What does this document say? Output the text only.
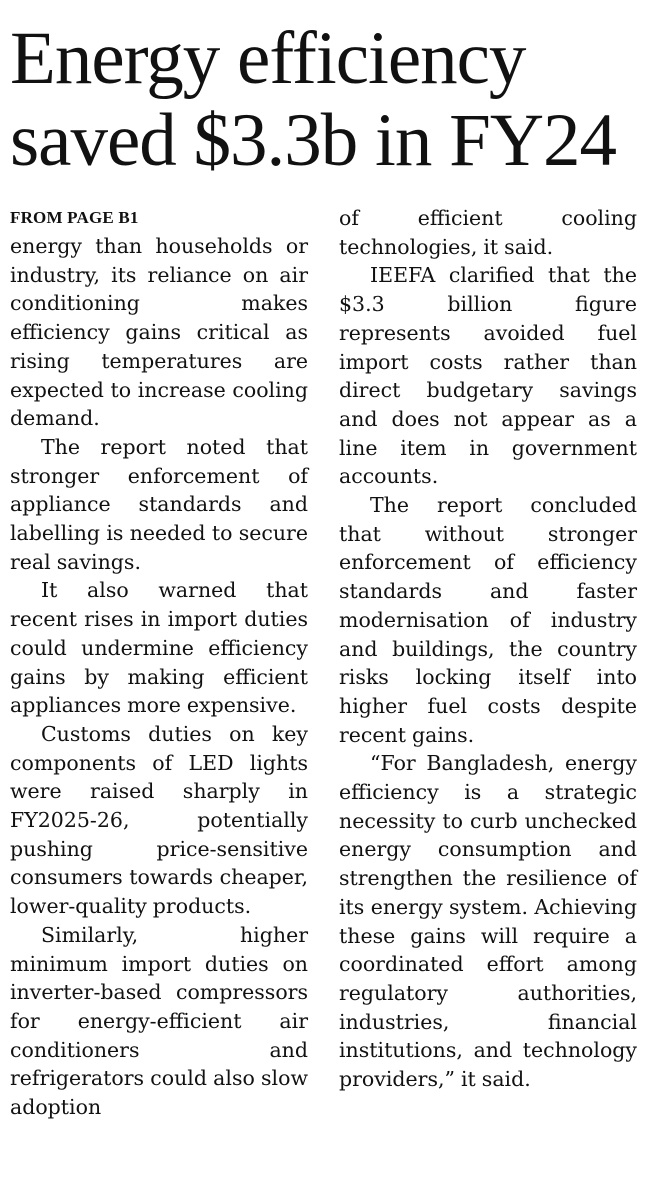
Energy efficiency
saved $3.3b in FY24
FROM PAGE B1

energy than households or industry, its reliance on air conditioning makes efficiency gains critical as rising temperatures are expected to increase cooling demand.

The report noted that stronger enforcement of appliance standards and labelling is needed to secure real savings.

It also warned that recent rises in import duties could undermine efficiency gains by making efficient appliances more expensive.

Customs duties on key components of LED lights were raised sharply in FY2025-26, potentially pushing price-sensitive consumers towards cheaper, lower-quality products.

Similarly, higher minimum import duties on inverter-based compressors for energy-efficient air conditioners and refrigerators could also slow adoption

of efficient cooling technologies, it said.

IEEFA clarified that the $3.3 billion figure represents avoided fuel import costs rather than direct budgetary savings and does not appear as a line item in government accounts.

The report concluded that without stronger enforcement of efficiency standards and faster modernisation of industry and buildings, the country risks locking itself into higher fuel costs despite recent gains.

“For Bangladesh, energy efficiency is a strategic necessity to curb unchecked energy consumption and strengthen the resilience of its energy system. Achieving these gains will require a coordinated effort among regulatory authorities, industries, financial institutions, and technology providers,” it said.
